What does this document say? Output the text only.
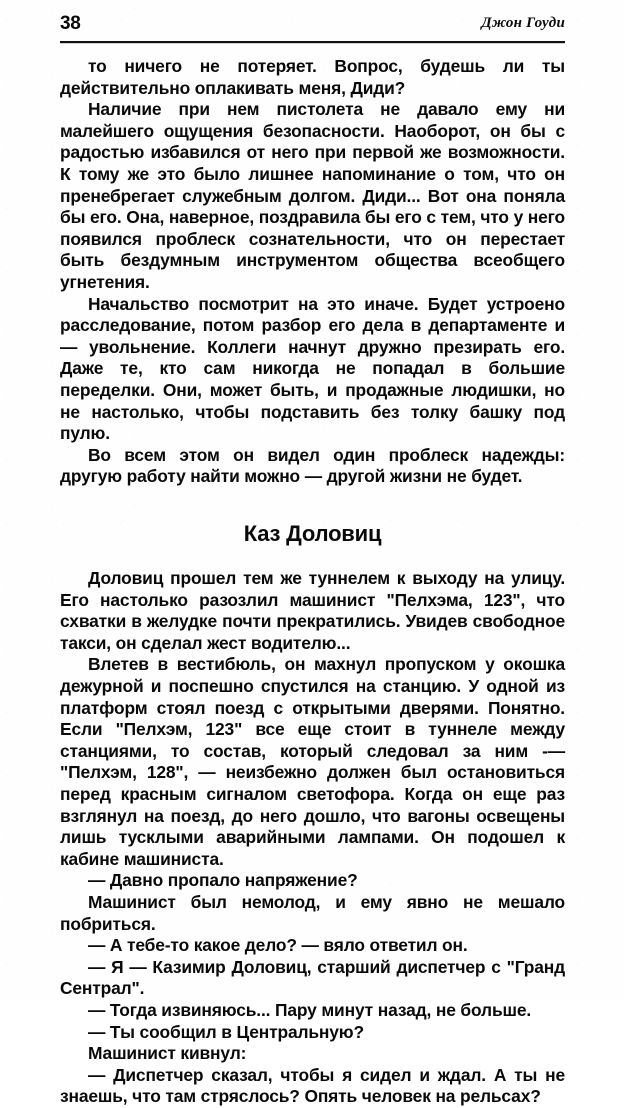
38	Джон Гоуди

то ничего не потеряет. Вопрос, будешь ли ты действительно оплакивать меня, Диди?

Наличие при нем пистолета не давало ему ни малейшего ощущения безопасности. Наоборот, он бы с радостью избавился от него при первой же возможности. К тому же это было лишнее напоминание о том, что он пренебрегает служебным долгом. Диди... Вот она поняла бы его. Она, наверное, поздравила бы его с тем, что у него появился проблеск сознательности, что он перестает быть бездумным инструментом общества всеобщего угнетения.

Начальство посмотрит на это иначе. Будет устроено расследование, потом разбор его дела в департаменте и — увольнение. Коллеги начнут дружно презирать его. Даже те, кто сам никогда не попадал в большие переделки. Они, может быть, и продажные людишки, но не настолько, чтобы подставить без толку башку под пулю.

Во всем этом он видел один проблеск надежды: другую работу найти можно — другой жизни не будет.

Каз Доловиц

Доловиц прошел тем же туннелем к выходу на улицу. Его настолько разозлил машинист "Пелхэма, 123", что схватки в желудке почти прекратились. Увидев свободное такси, он сделал жест водителю...

Влетев в вестибюль, он махнул пропуском у окошка дежурной и поспешно спустился на станцию. У одной из платформ стоял поезд с открытыми дверями. Понятно. Если "Пелхэм, 123" все еще стоит в туннеле между станциями, то состав, который следовал за ним -— "Пелхэм, 128", — неизбежно должен был остановиться перед красным сигналом светофора. Когда он еще раз взглянул на поезд, до него дошло, что вагоны освещены лишь тусклыми аварийными лампами. Он подошел к кабине машиниста.

— Давно пропало напряжение?

Машинист был немолод, и ему явно не мешало побриться.

— А тебе-то какое дело? — вяло ответил он.

— Я — Казимир Доловиц, старший диспетчер с "Гранд Сентрал".

— Тогда извиняюсь... Пару минут назад, не больше.

— Ты сообщил в Центральную?

Машинист кивнул:

— Диспетчер сказал, чтобы я сидел и ждал. А ты не знаешь, что там стряслось? Опять человек на рельсах?
